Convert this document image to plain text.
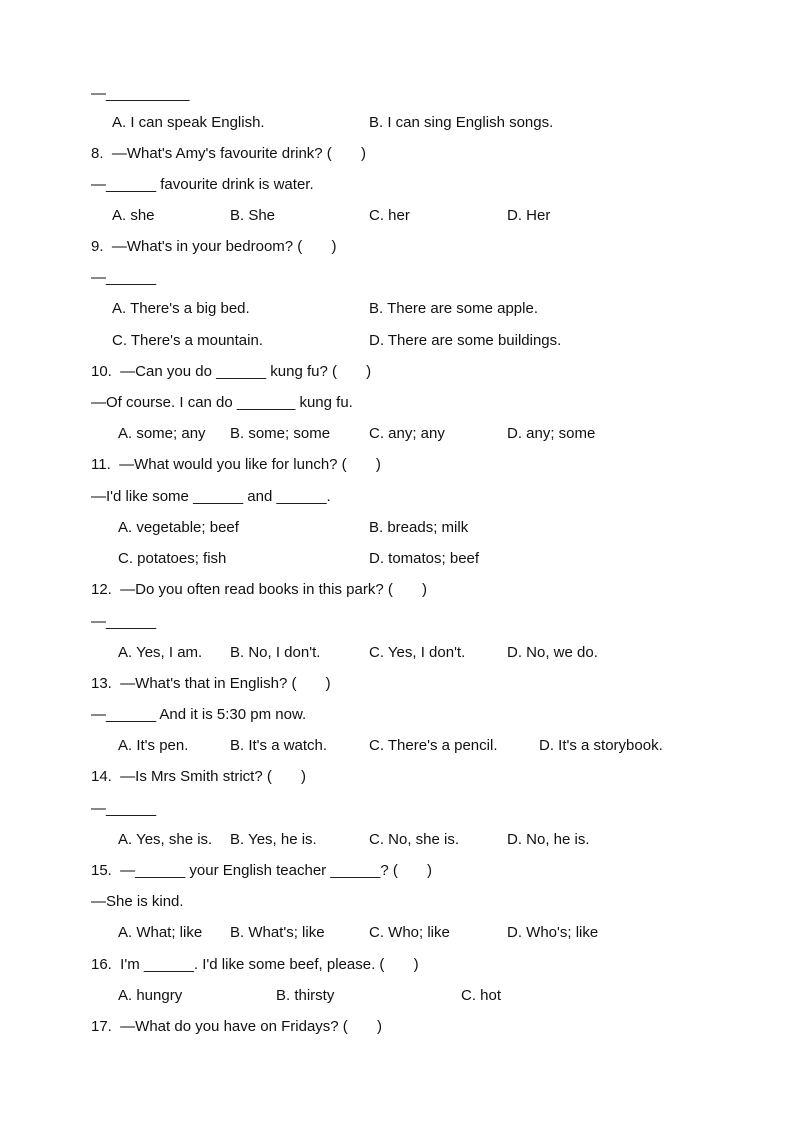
—__________
A. I can speak English.	B. I can sing English songs.
8.  —What's Amy's favourite drink? (       )
—______ favourite drink is water.
A. she	B. She	C. her	D. Her
9.  —What's in your bedroom? (       )
—______
A. There's a big bed.	B. There are some apple.
C. There's a mountain.	D. There are some buildings.
10.  —Can you do ______ kung fu? (       )
—Of course. I can do _______ kung fu.
A. some; any B. some; some	C. any; any	D. any; some
11.  —What would you like for lunch? (       )
—I'd like some ______ and ______.
A. vegetable; beef	B. breads; milk
C. potatoes; fish	D. tomatos; beef
12.  —Do you often read books in this park? (       )
—______
A. Yes, I am. B. No, I don't.	C. Yes, I don't.	D. No, we do.
13.  —What's that in English? (       )
—______ And it is 5:30 pm now.
A. It's pen.	B. It's a watch.	C. There's a pencil.	D. It's a storybook.
14.  —Is Mrs Smith strict? (       )
—______
A. Yes, she is. B. Yes, he is.	C. No, she is.	D. No, he is.
15.  —______ your English teacher ______? (       )
—She is kind.
A. What; like B. What's; like	C. Who; like	D. Who's; like
16.  I'm ______. I'd like some beef, please. (       )
A. hungry	B. thirsty	C. hot
17.  —What do you have on Fridays? (       )
